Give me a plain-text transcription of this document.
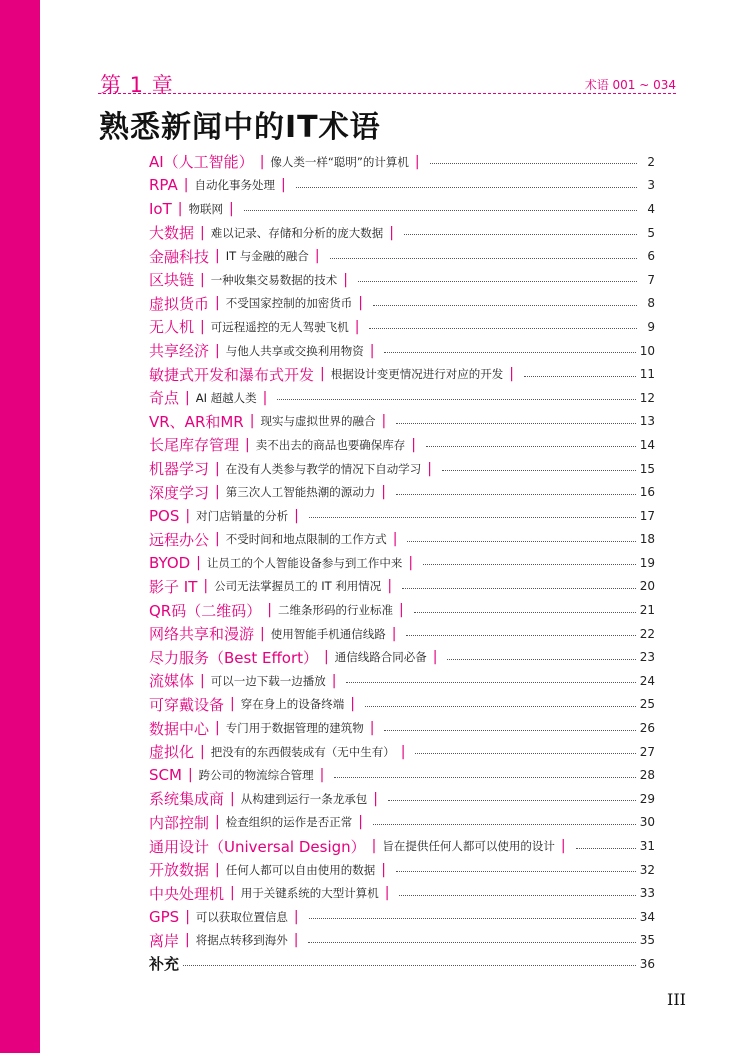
第 1 章	术语 001 ~ 034
熟悉新闻中的IT术语
AI（人工智能） | 像人类一样“聪明”的计算机 |	2
RPA | 自动化事务处理 |	3
IoT | 物联网 |	4
大数据 | 难以记录、存储和分析的庞大数据 |	5
金融科技 | IT 与金融的融合 |	6
区块链 | 一种收集交易数据的技术 |	7
虚拟货币 | 不受国家控制的加密货币 |	8
无人机 | 可远程遥控的无人驾驶飞机 |	9
共享经济 | 与他人共享或交换利用物资 |	10
敏捷式开发和瀑布式开发 | 根据设计变更情况进行对应的开发 |	11
奇点 | AI 超越人类 |	12
VR、AR和MR | 现实与虚拟世界的融合 |	13
长尾库存管理 | 卖不出去的商品也要确保库存 |	14
机器学习 | 在没有人类参与教学的情况下自动学习 |	15
深度学习 | 第三次人工智能热潮的源动力 |	16
POS | 对门店销量的分析 |	17
远程办公 | 不受时间和地点限制的工作方式 |	18
BYOD | 让员工的个人智能设备参与到工作中来 |	19
影子 IT | 公司无法掌握员工的 IT 利用情况 |	20
QR码（二维码） | 二维条形码的行业标准 |	21
网络共享和漫游 | 使用智能手机通信线路 |	22
尽力服务（Best Effort） | 通信线路合同必备 |	23
流媒体 | 可以一边下载一边播放 |	24
可穿戴设备 | 穿在身上的设备终端 |	25
数据中心 | 专门用于数据管理的建筑物 |	26
虚拟化 | 把没有的东西假装成有（无中生有） |	27
SCM | 跨公司的物流综合管理 |	28
系统集成商 | 从构建到运行一条龙承包 |	29
内部控制 | 检查组织的运作是否正常 |	30
通用设计（Universal Design） | 旨在提供任何人都可以使用的设计 |	31
开放数据 | 任何人都可以自由使用的数据 |	32
中央处理机 | 用于关键系统的大型计算机 |	33
GPS | 可以获取位置信息 |	34
离岸 | 将据点转移到海外 |	35
补充	36
III
